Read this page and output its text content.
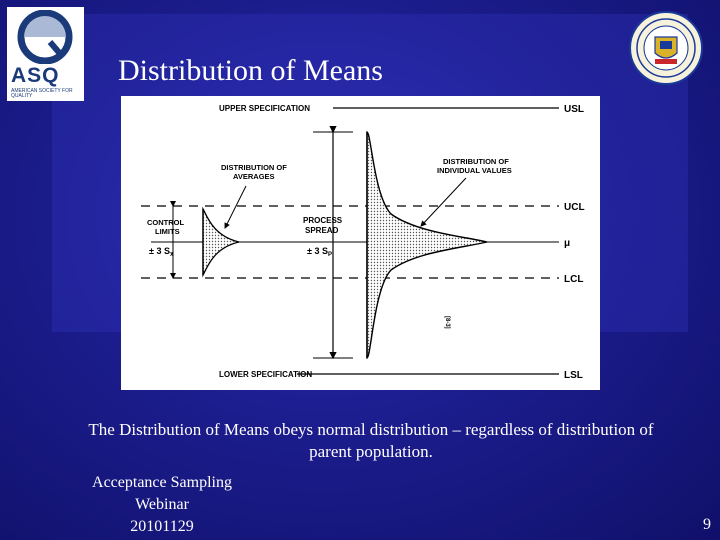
ASQ
AMERICAN SOCIETY FOR QUALITY
Distribution of Means
UPPER SPECIFICATION	USL
LOWER SPECIFICATION	LSL
UCL
LCL
μ
DISTRIBUTION OF
AVERAGES
DISTRIBUTION OF
INDIVIDUAL VALUES
CONTROL
LIMITS
± 3 $S_{x̄}$
PROCESS
SPREAD
± 3 $S_P$
[8-3]
The Distribution of Means obeys normal distribution – regardless of distribution of parent population.
Acceptance Sampling
Webinar
20101129	9
